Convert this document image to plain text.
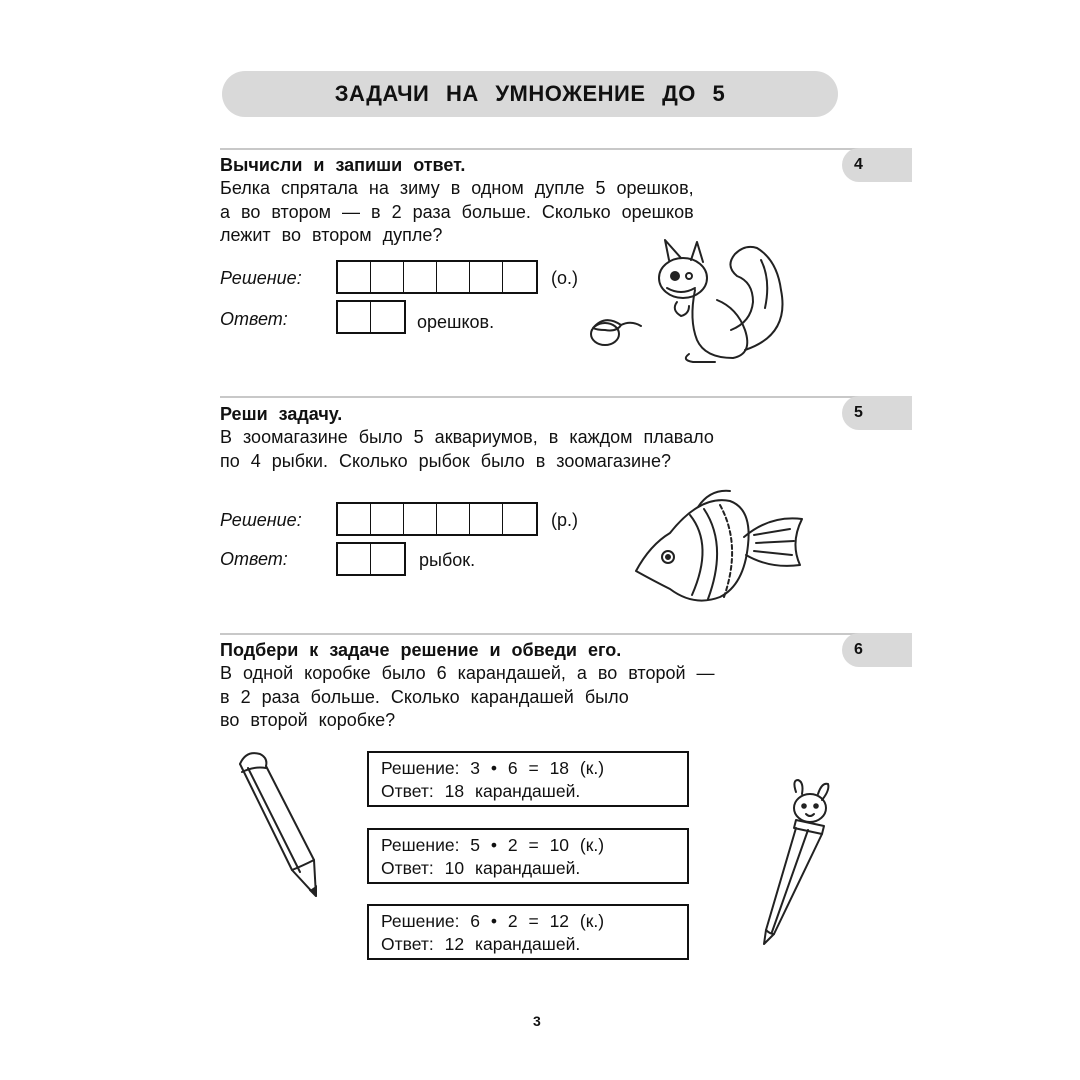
ЗАДАЧИ НА УМНОЖЕНИЕ ДО 5
4
Вычисли и запиши ответ.
Белка спрятала на зиму в одном дупле 5 орешков,
а во втором — в 2 раза больше. Сколько орешков
лежит во втором дупле?
Решение:	(о.)
Ответ:	орешков.
5
Реши задачу.
В зоомагазине было 5 аквариумов, в каждом плавало
по 4 рыбки. Сколько рыбок было в зоомагазине?
Решение:	(р.)
Ответ:	рыбок.
6
Подбери к задаче решение и обведи его.
В одной коробке было 6 карандашей, а во второй —
в 2 раза больше. Сколько карандашей было
во второй коробке?
Решение: 3 • 6 = 18 (к.)
Ответ: 18 карандашей.
Решение: 5 • 2 = 10 (к.)
Ответ: 10 карандашей.
Решение: 6 • 2 = 12 (к.)
Ответ: 12 карандашей.
3
